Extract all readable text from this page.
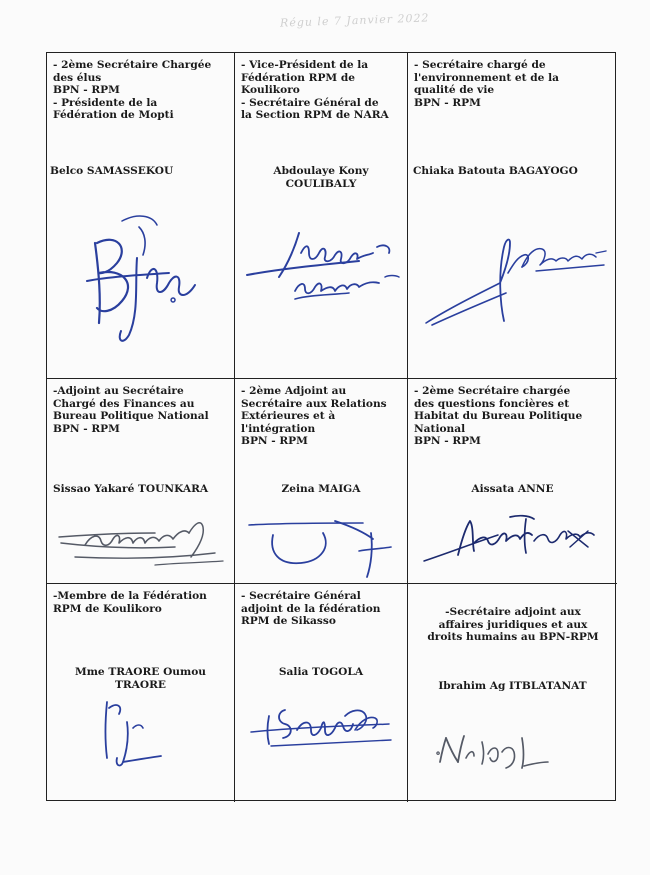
Régu le 7 Janvier 2022
- 2ème Secrétaire Chargée
des élus
BPN - RPM
- Présidente de la
Fédération de Mopti
Belco SAMASSEKOU
- Vice-Président de la
Fédération RPM de
Koulikoro
- Secrétaire Général de
la Section RPM de NARA
Abdoulaye Kony
COULIBALY
- Secrétaire chargé de
l'environnement et de la
qualité de vie
BPN - RPM
Chiaka Batouta BAGAYOGO
-Adjoint au Secrétaire
Chargé des Finances au
Bureau Politique National
BPN - RPM
Sissao Yakaré TOUNKARA
- 2ème Adjoint au
Secrétaire aux Relations
Extérieures et à
l'intégration
BPN - RPM
Zeina MAIGA
- 2ème Secrétaire chargée
des questions foncières et
Habitat du Bureau Politique
National
BPN - RPM
Aissata ANNE
-Membre de la Fédération
RPM de Koulikoro
Mme TRAORE Oumou
TRAORE
- Secrétaire Général
adjoint de la fédération
RPM de Sikasso
Salia TOGOLA
-Secrétaire adjoint aux
affaires juridiques et aux
droits humains au BPN-RPM
Ibrahim Ag ITBLATANAT
